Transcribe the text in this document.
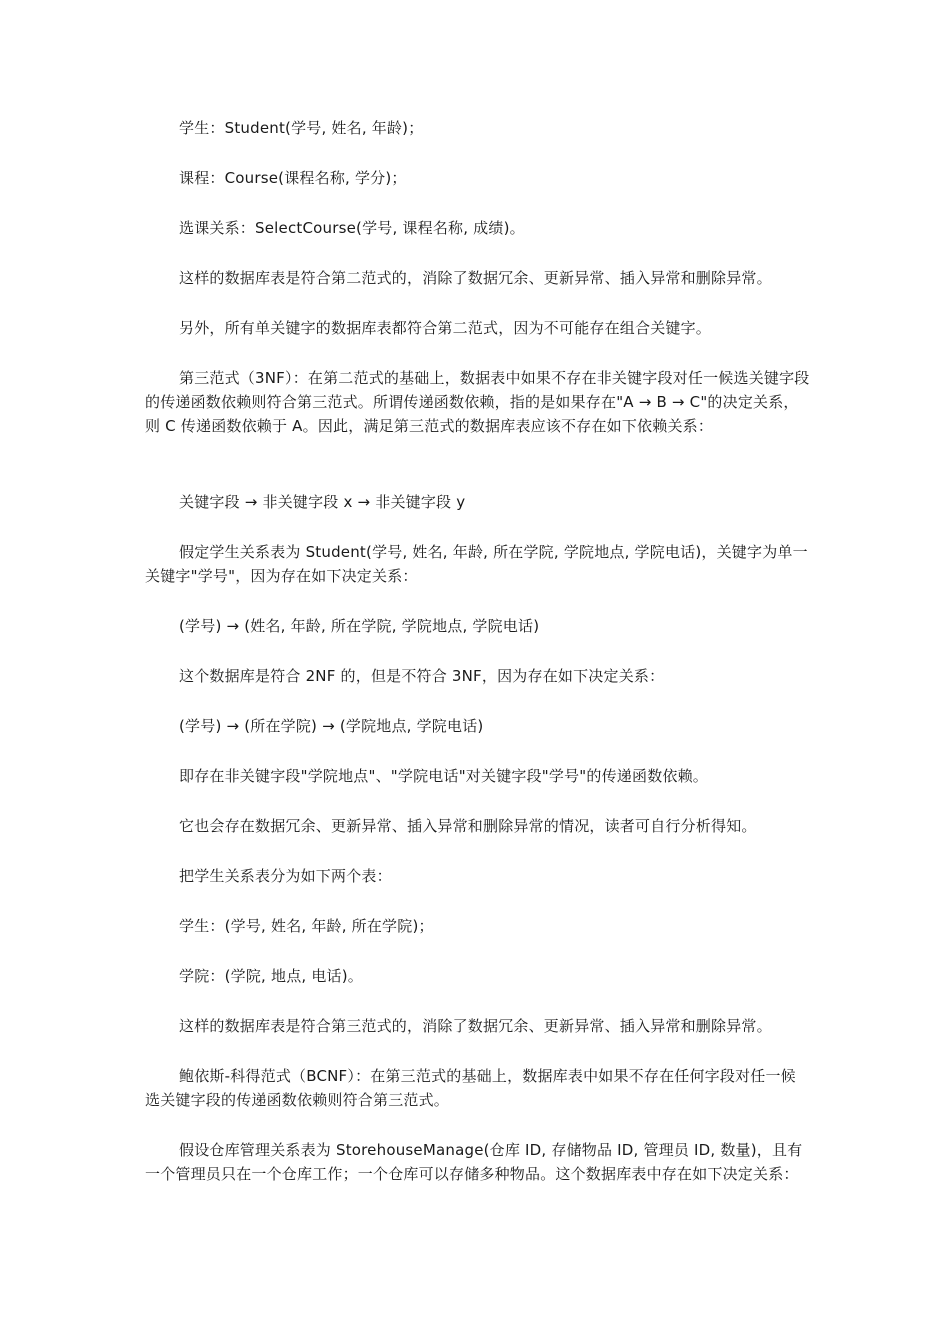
学生：Student(学号, 姓名, 年龄)；

课程：Course(课程名称, 学分)；

选课关系：SelectCourse(学号, 课程名称, 成绩)。

这样的数据库表是符合第二范式的，消除了数据冗余、更新异常、插入异常和删除异常。

另外，所有单关键字的数据库表都符合第二范式，因为不可能存在组合关键字。

第三范式（3NF）：在第二范式的基础上，数据表中如果不存在非关键字段对任一候选关键字段的传递函数依赖则符合第三范式。所谓传递函数依赖，指的是如果存在"A → B → C"的决定关系，则 C 传递函数依赖于 A。因此，满足第三范式的数据库表应该不存在如下依赖关系：

关键字段 → 非关键字段 x → 非关键字段 y

假定学生关系表为 Student(学号, 姓名, 年龄, 所在学院, 学院地点, 学院电话)，关键字为单一关键字"学号"，因为存在如下决定关系：

(学号) → (姓名, 年龄, 所在学院, 学院地点, 学院电话)

这个数据库是符合 2NF 的，但是不符合 3NF，因为存在如下决定关系：

(学号) → (所在学院) → (学院地点, 学院电话)

即存在非关键字段"学院地点"、"学院电话"对关键字段"学号"的传递函数依赖。

它也会存在数据冗余、更新异常、插入异常和删除异常的情况，读者可自行分析得知。

把学生关系表分为如下两个表：

学生：(学号, 姓名, 年龄, 所在学院)；

学院：(学院, 地点, 电话)。

这样的数据库表是符合第三范式的，消除了数据冗余、更新异常、插入异常和删除异常。

鲍依斯-科得范式（BCNF）：在第三范式的基础上，数据库表中如果不存在任何字段对任一候选关键字段的传递函数依赖则符合第三范式。

假设仓库管理关系表为 StorehouseManage(仓库 ID, 存储物品 ID, 管理员 ID, 数量)，且有一个管理员只在一个仓库工作；一个仓库可以存储多种物品。这个数据库表中存在如下决定关系：
